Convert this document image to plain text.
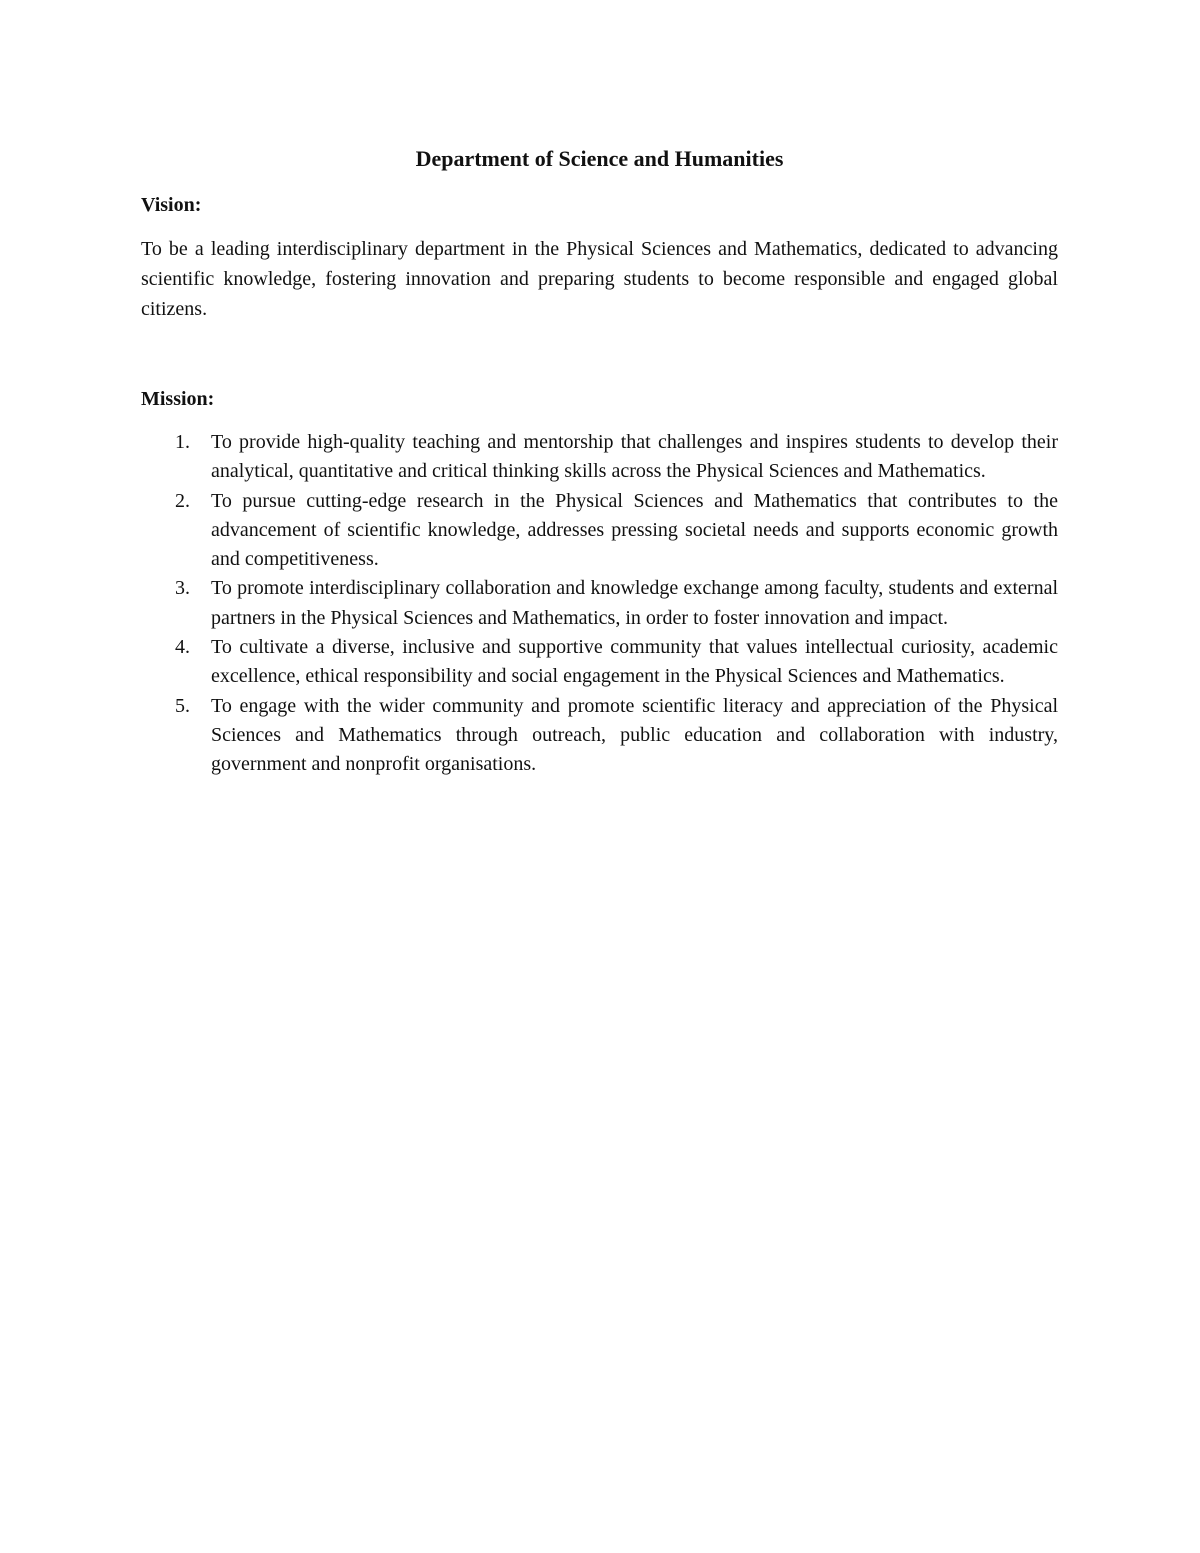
Department of Science and Humanities
Vision:

To be a leading interdisciplinary department in the Physical Sciences and Mathematics, dedicated to advancing scientific knowledge, fostering innovation and preparing students to become responsible and engaged global citizens.

Mission:
1. To provide high-quality teaching and mentorship that challenges and inspires students to develop their analytical, quantitative and critical thinking skills across the Physical Sciences and Mathematics.
2. To pursue cutting-edge research in the Physical Sciences and Mathematics that contributes to the advancement of scientific knowledge, addresses pressing societal needs and supports economic growth and competitiveness.
3. To promote interdisciplinary collaboration and knowledge exchange among faculty, students and external partners in the Physical Sciences and Mathematics, in order to foster innovation and impact.
4. To cultivate a diverse, inclusive and supportive community that values intellectual curiosity, academic excellence, ethical responsibility and social engagement in the Physical Sciences and Mathematics.
5. To engage with the wider community and promote scientific literacy and appreciation of the Physical Sciences and Mathematics through outreach, public education and collaboration with industry, government and nonprofit organisations.
